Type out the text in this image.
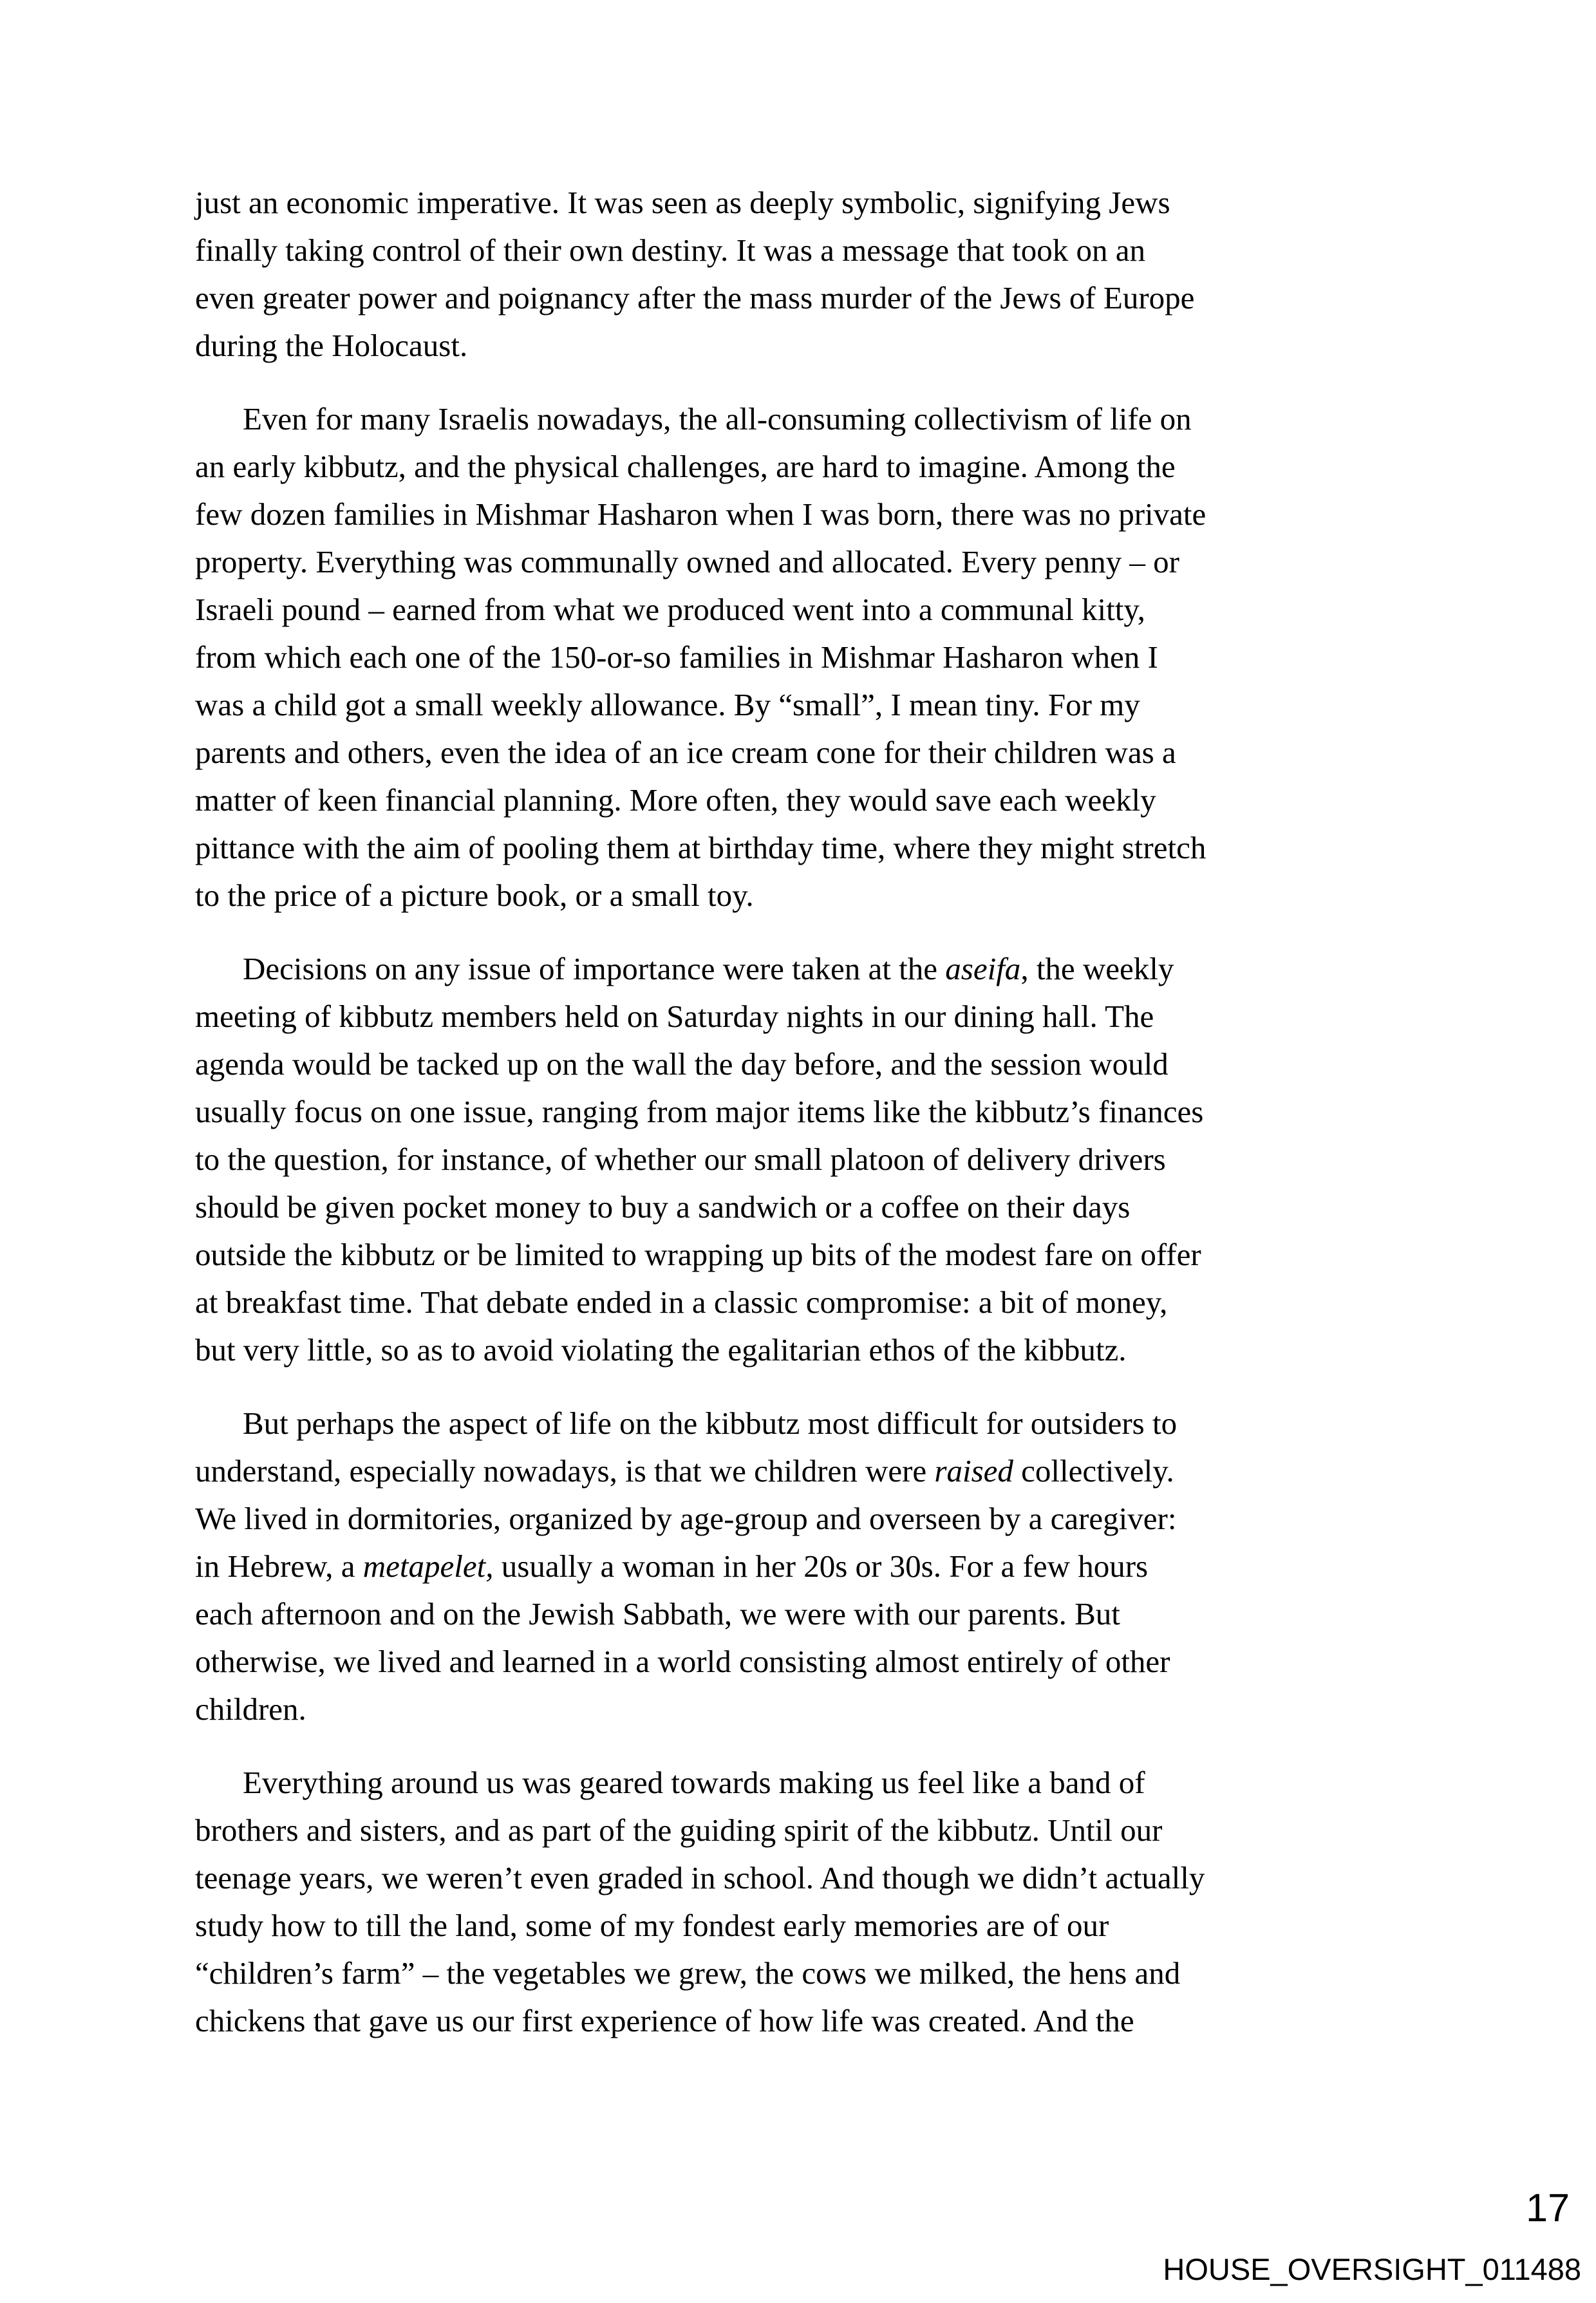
just an economic imperative. It was seen as deeply symbolic, signifying Jews
finally taking control of their own destiny. It was a message that took on an
even greater power and poignancy after the mass murder of the Jews of Europe
during the Holocaust.
Even for many Israelis nowadays, the all-consuming collectivism of life on
an early kibbutz, and the physical challenges, are hard to imagine. Among the
few dozen families in Mishmar Hasharon when I was born, there was no private
property. Everything was communally owned and allocated. Every penny – or
Israeli pound – earned from what we produced went into a communal kitty,
from which each one of the 150-or-so families in Mishmar Hasharon when I
was a child got a small weekly allowance. By “small”, I mean tiny. For my
parents and others, even the idea of an ice cream cone for their children was a
matter of keen financial planning. More often, they would save each weekly
pittance with the aim of pooling them at birthday time, where they might stretch
to the price of a picture book, or a small toy.
Decisions on any issue of importance were taken at the aseifa, the weekly
meeting of kibbutz members held on Saturday nights in our dining hall. The
agenda would be tacked up on the wall the day before, and the session would
usually focus on one issue, ranging from major items like the kibbutz’s finances
to the question, for instance, of whether our small platoon of delivery drivers
should be given pocket money to buy a sandwich or a coffee on their days
outside the kibbutz or be limited to wrapping up bits of the modest fare on offer
at breakfast time. That debate ended in a classic compromise: a bit of money,
but very little, so as to avoid violating the egalitarian ethos of the kibbutz.
But perhaps the aspect of life on the kibbutz most difficult for outsiders to
understand, especially nowadays, is that we children were raised collectively.
We lived in dormitories, organized by age-group and overseen by a caregiver:
in Hebrew, a metapelet, usually a woman in her 20s or 30s. For a few hours
each afternoon and on the Jewish Sabbath, we were with our parents. But
otherwise, we lived and learned in a world consisting almost entirely of other
children.
Everything around us was geared towards making us feel like a band of
brothers and sisters, and as part of the guiding spirit of the kibbutz. Until our
teenage years, we weren’t even graded in school. And though we didn’t actually
study how to till the land, some of my fondest early memories are of our
“children’s farm” – the vegetables we grew, the cows we milked, the hens and
chickens that gave us our first experience of how life was created. And the
17
HOUSE_OVERSIGHT_011488
